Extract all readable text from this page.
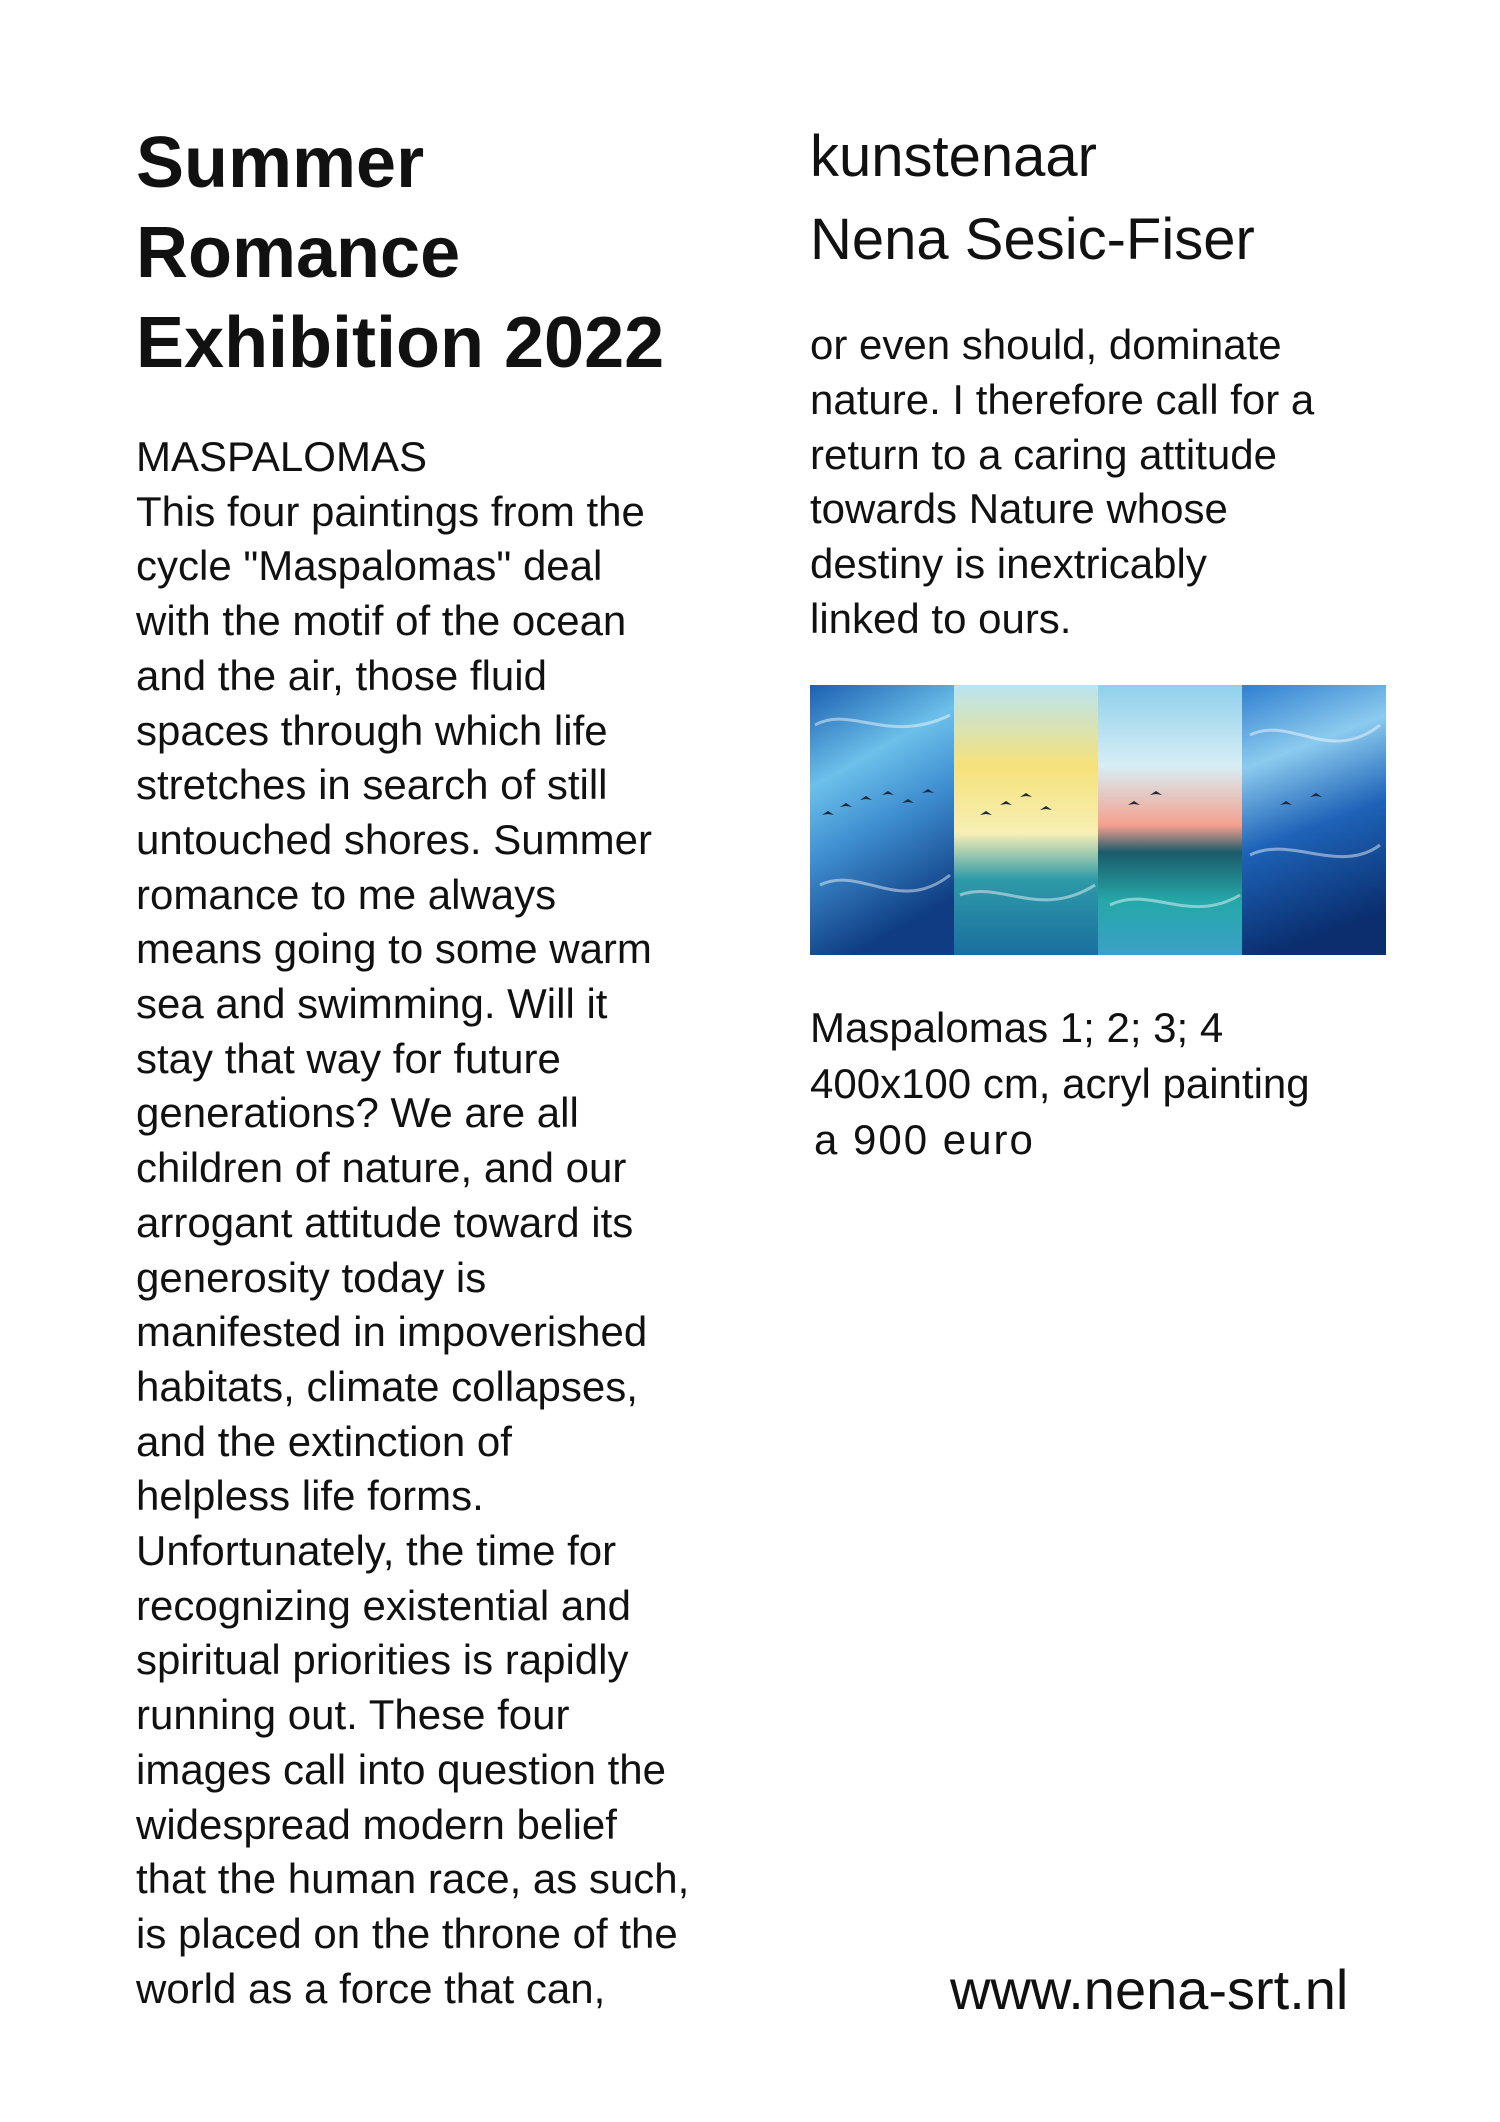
Summer
Romance
Exhibition 2022
kunstenaar
Nena Sesic-Fiser
MASPALOMAS
This four paintings from the
cycle "Maspalomas" deal
with the motif of the ocean
and the air, those fluid
spaces through which life
stretches in search of still
untouched shores. Summer
romance to me always
means going to some warm
sea and swimming. Will it
stay that way for future
generations? We are all
children of nature, and our
arrogant attitude toward its
generosity today is
manifested in impoverished
habitats, climate collapses,
and the extinction of
helpless life forms.
Unfortunately, the time for
recognizing existential and
spiritual priorities is rapidly
running out. These four
images call into question the
widespread modern belief
that the human race, as such,
is placed on the throne of the
world as a force that can,
or even should, dominate
nature. I therefore call for a
return to a caring attitude
towards Nature whose
destiny is inextricably
linked to ours.
Maspalomas 1; 2; 3; 4
400x100 cm, acryl painting
a 900 euro
www.nena-srt.nl
